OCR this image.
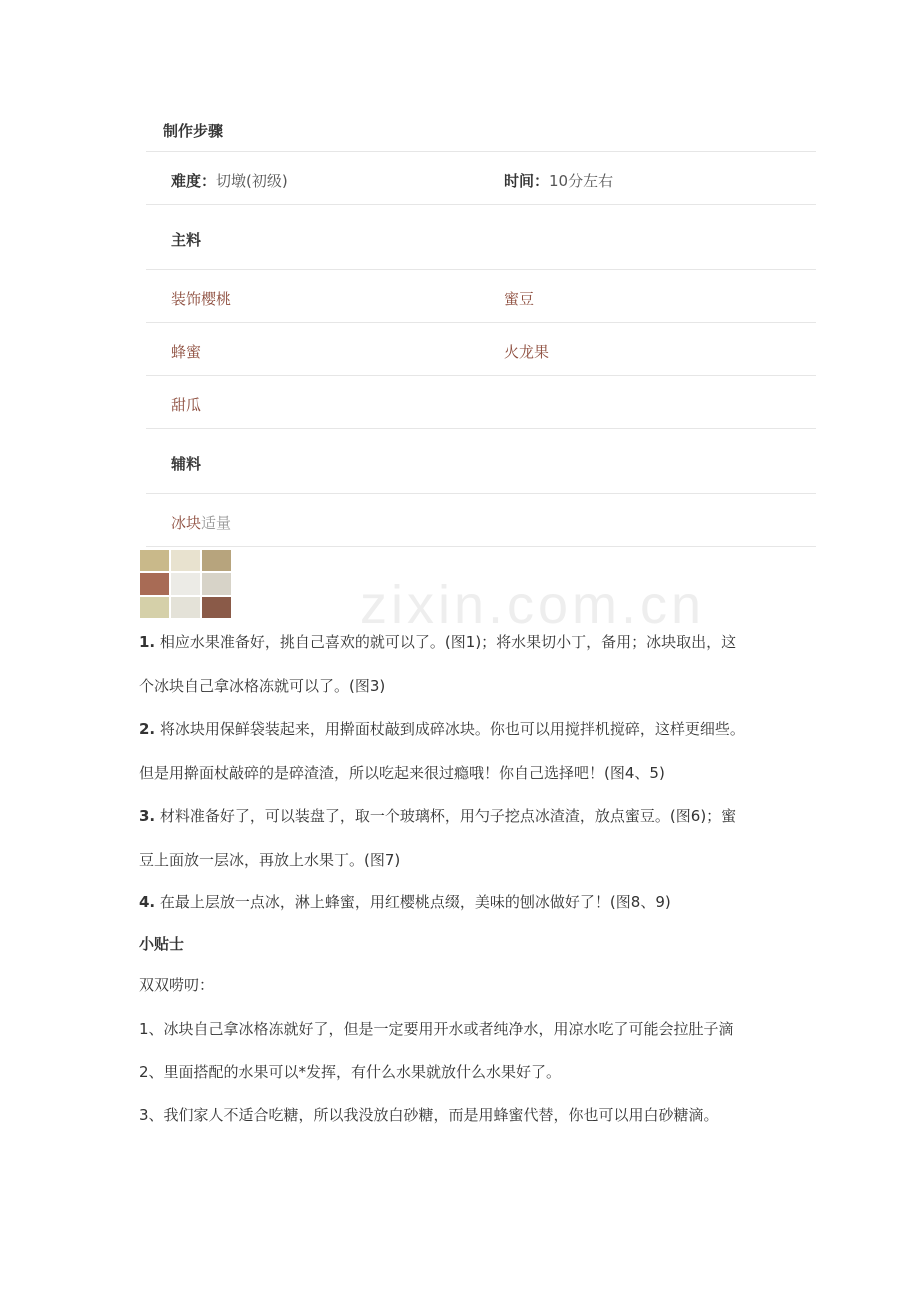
制作步骤
难度：切墩(初级)	时间：10分左右
主料
装饰樱桃	蜜豆
蜂蜜	火龙果
甜瓜
辅料
冰块适量
zixin.com.cn
1. 相应水果准备好，挑自己喜欢的就可以了。(图1)；将水果切小丁，备用；冰块取出，这
个冰块自己拿冰格冻就可以了。(图3)
2. 将冰块用保鲜袋装起来，用擀面杖敲到成碎冰块。你也可以用搅拌机搅碎，这样更细些。
但是用擀面杖敲碎的是碎渣渣，所以吃起来很过瘾哦！你自己选择吧！(图4、5)
3. 材料准备好了，可以装盘了，取一个玻璃杯，用勺子挖点冰渣渣，放点蜜豆。(图6)；蜜
豆上面放一层冰，再放上水果丁。(图7)
4. 在最上层放一点冰，淋上蜂蜜，用红樱桃点缀，美味的刨冰做好了！(图8、9)
小贴士
双双唠叨：
1、冰块自己拿冰格冻就好了，但是一定要用开水或者纯净水，用凉水吃了可能会拉肚子滴
2、里面搭配的水果可以*发挥，有什么水果就放什么水果好了。
3、我们家人不适合吃糖，所以我没放白砂糖，而是用蜂蜜代替，你也可以用白砂糖滴。
